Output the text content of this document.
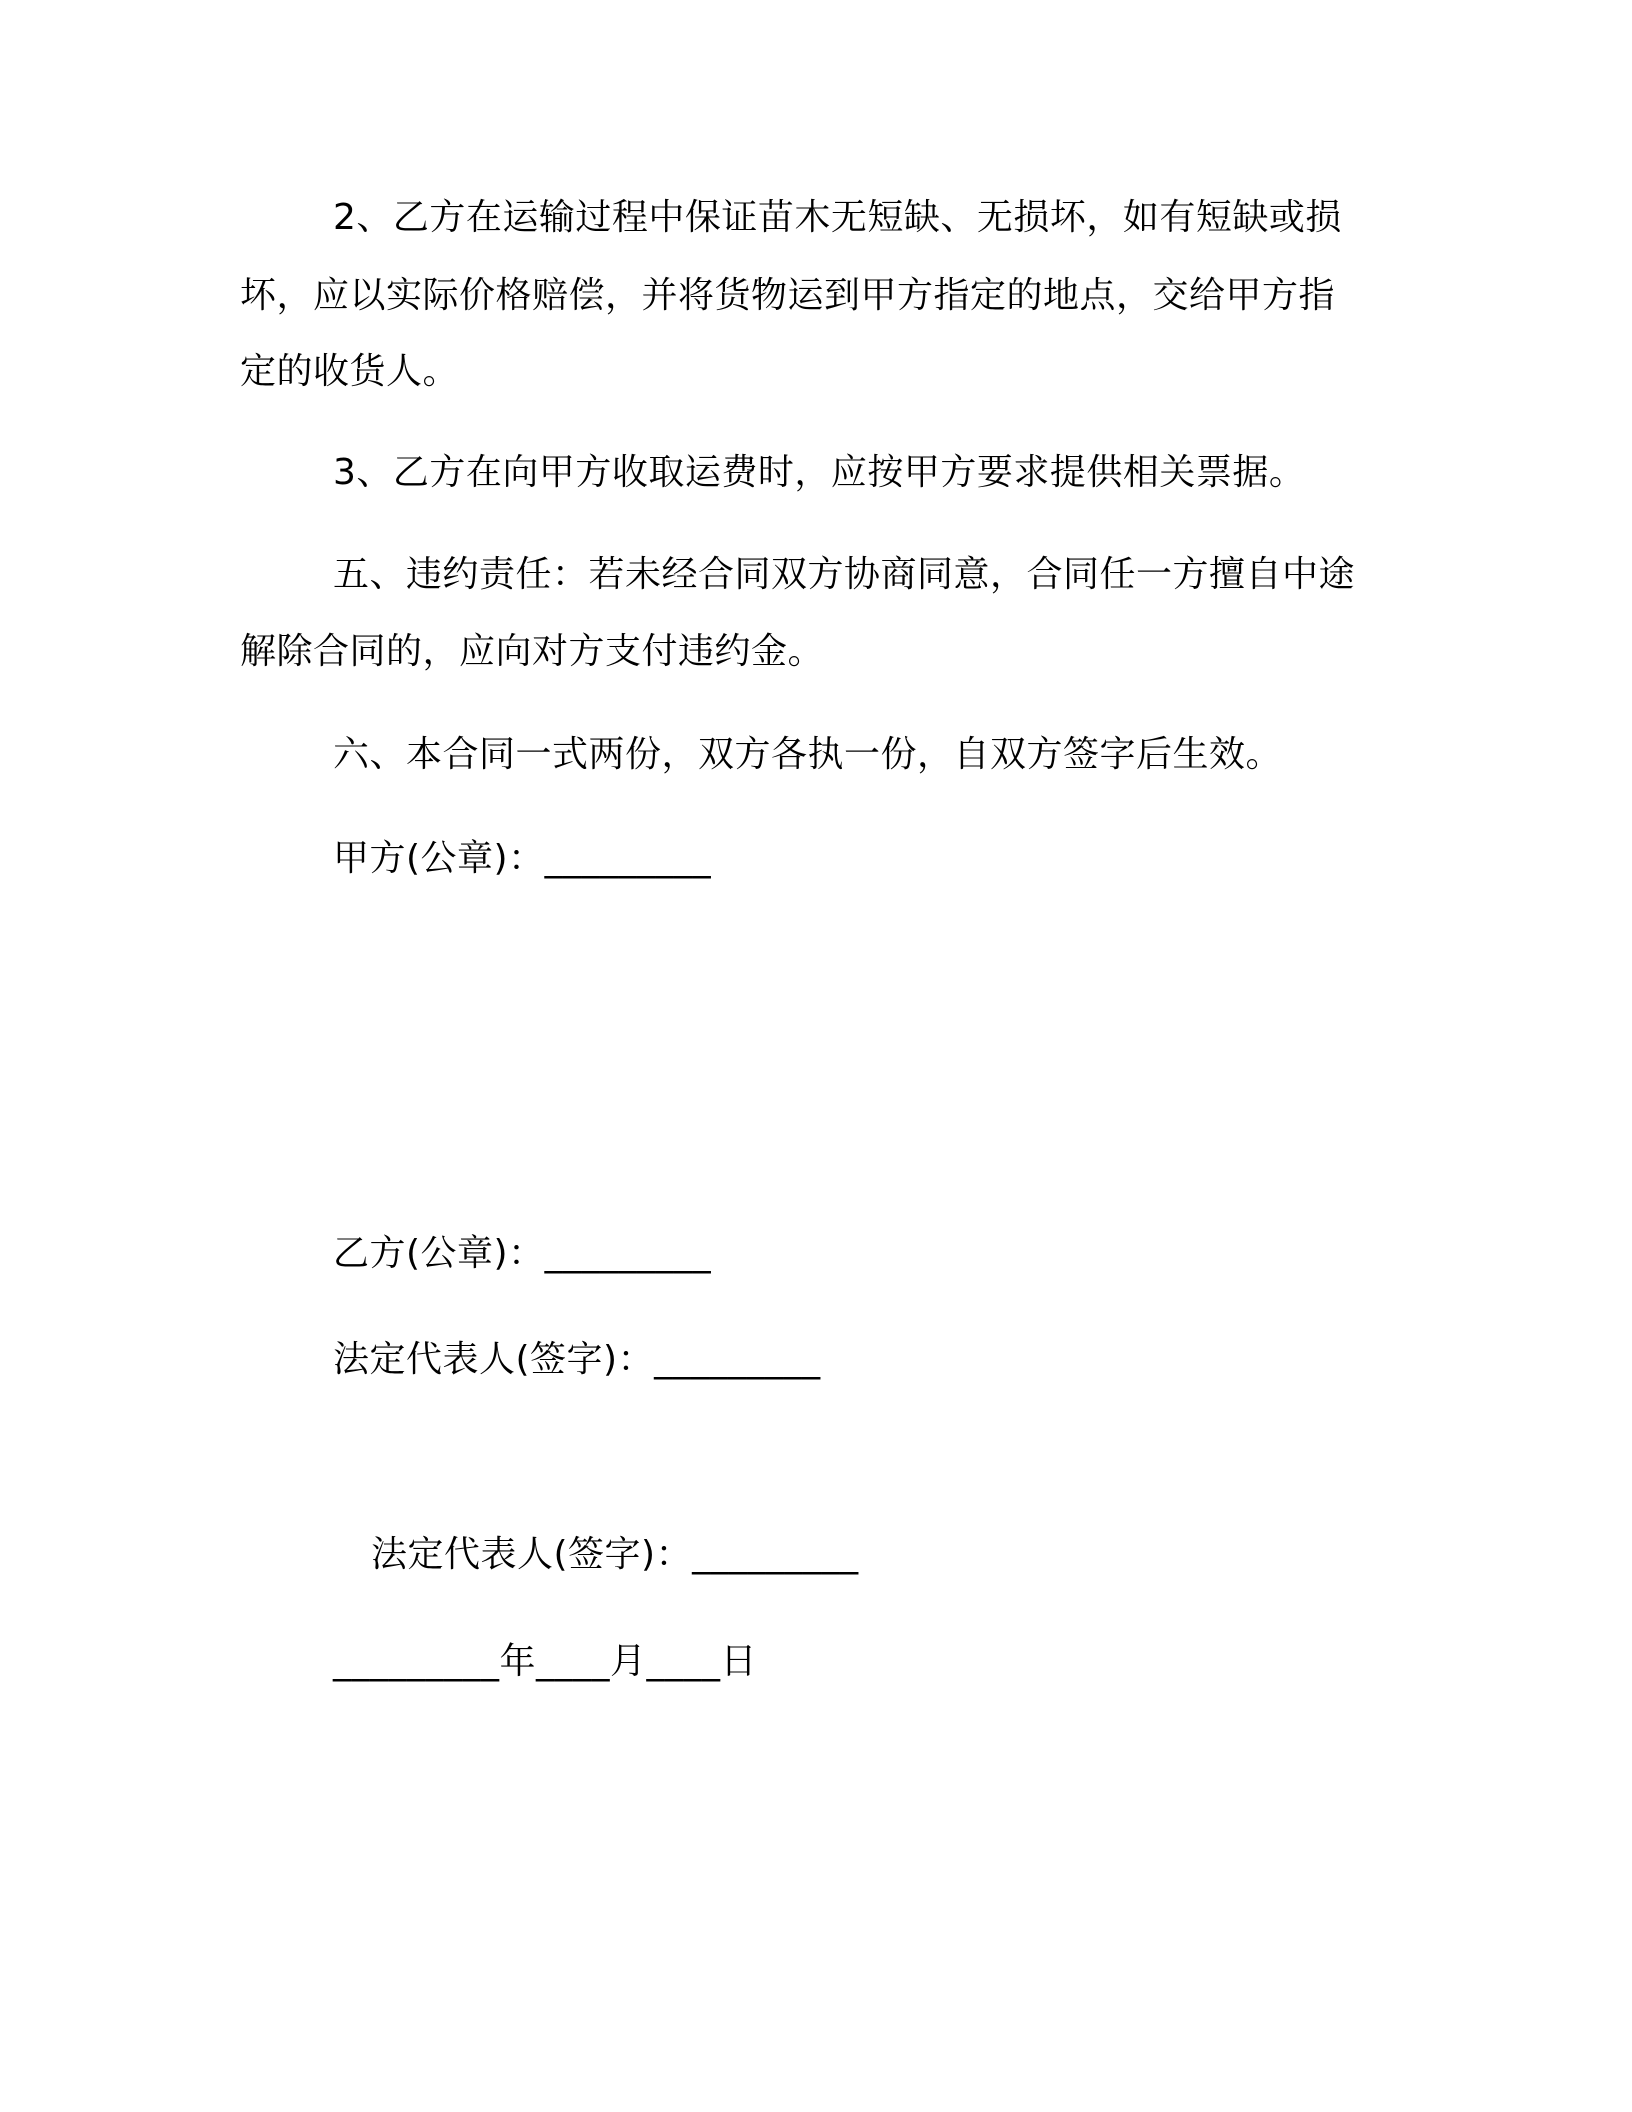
2、乙方在运输过程中保证苗木无短缺、无损坏，如有短缺或损
坏，应以实际价格赔偿，并将货物运到甲方指定的地点，交给甲方指
定的收货人。
3、乙方在向甲方收取运费时，应按甲方要求提供相关票据。
五、违约责任：若未经合同双方协商同意，合同任一方擅自中途
解除合同的，应向对方支付违约金。
六、本合同一式两份，双方各执一份，自双方签字后生效。
甲方(公章)：_________
乙方(公章)：_________
法定代表人(签字)：_________
法定代表人(签字)：_________
_________年____月____日
